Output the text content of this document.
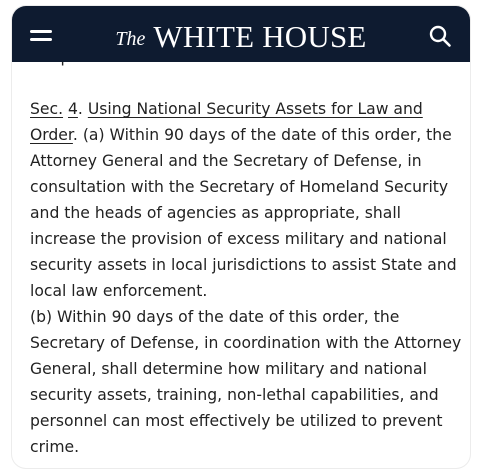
Sec. 4. Using National Security Assets for Law and Order. (a) Within 90 days of the date of this order, the Attorney General and the Secretary of Defense, in consultation with the Secretary of Homeland Security and the heads of agencies as appropriate, shall increase the provision of excess military and national security assets in local jurisdictions to assist State and local law enforcement.

(b) Within 90 days of the date of this order, the Secretary of Defense, in coordination with the Attorney General, shall determine how military and national security assets, training, non-lethal capabilities, and personnel can most effectively be utilized to prevent crime.

The WHITE HOUSE
